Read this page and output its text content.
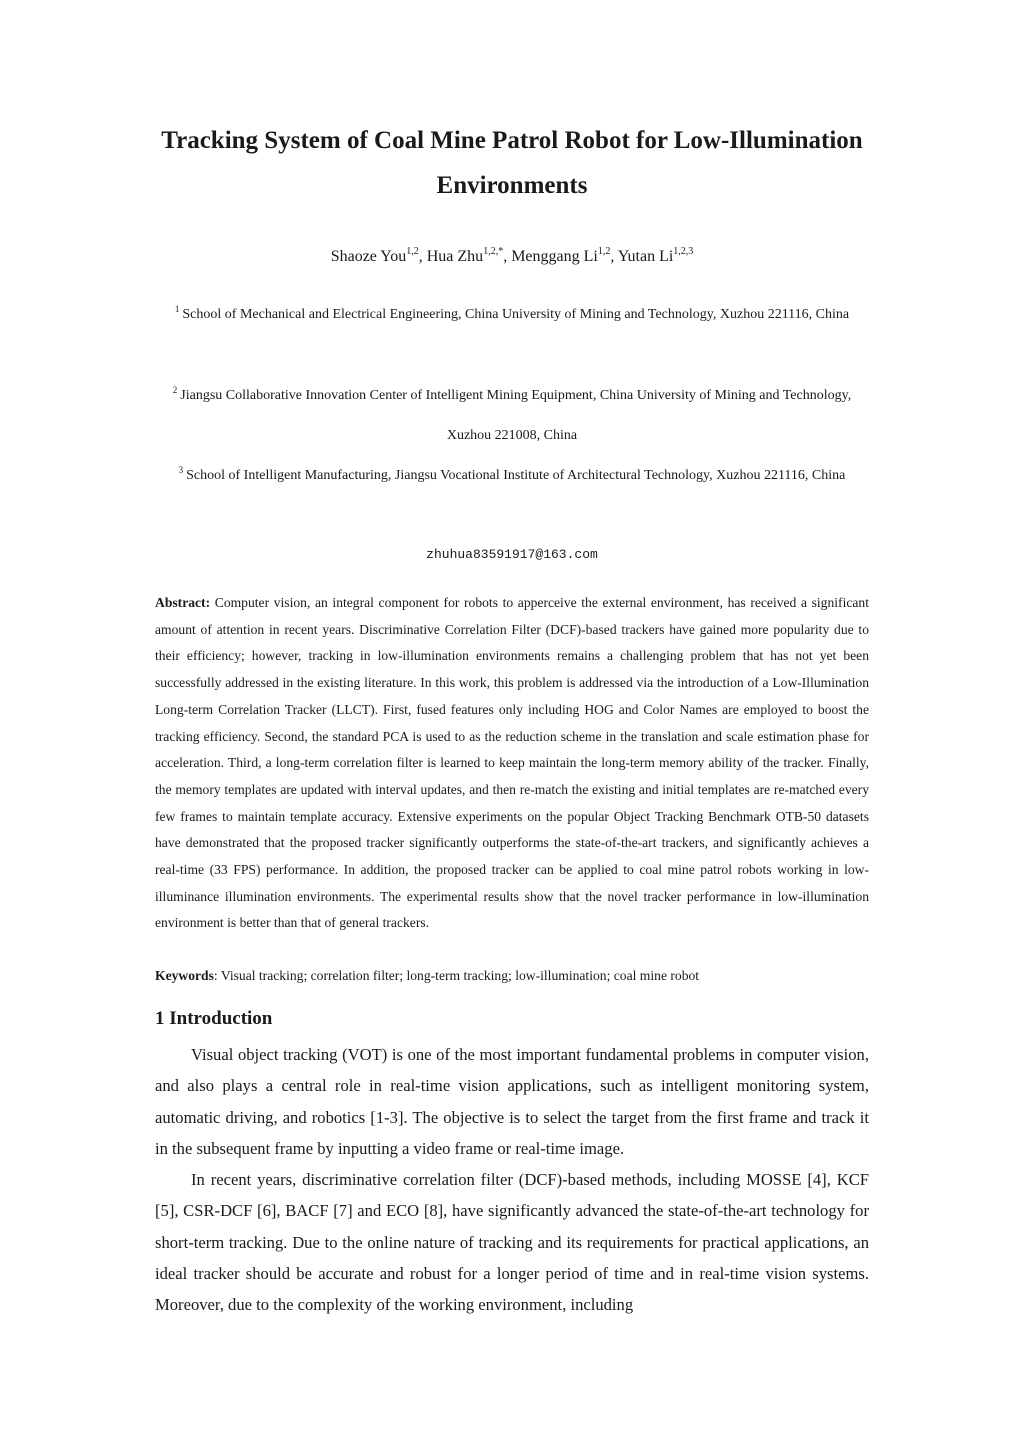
Tracking System of Coal Mine Patrol Robot for Low-Illumination Environments
Shaoze You$^{1,2}$, Hua Zhu$^{1,2,*}$, Menggang Li$^{1,2}$, Yutan Li$^{1,2,3}$
$^1$ School of Mechanical and Electrical Engineering, China University of Mining and Technology, Xuzhou 221116, China
$^2$ Jiangsu Collaborative Innovation Center of Intelligent Mining Equipment, China University of Mining and Technology, Xuzhou 221008, China
$^3$ School of Intelligent Manufacturing, Jiangsu Vocational Institute of Architectural Technology, Xuzhou 221116, China
zhuhua83591917@163.com

Abstract: Computer vision, an integral component for robots to apperceive the external environment, has received a significant amount of attention in recent years. Discriminative Correlation Filter (DCF)-based trackers have gained more popularity due to their efficiency; however, tracking in low-illumination environments remains a challenging problem that has not yet been successfully addressed in the existing literature. In this work, this problem is addressed via the introduction of a Low-Illumination Long-term Correlation Tracker (LLCT). First, fused features only including HOG and Color Names are employed to boost the tracking efficiency. Second, the standard PCA is used to as the reduction scheme in the translation and scale estimation phase for acceleration. Third, a long-term correlation filter is learned to keep maintain the long-term memory ability of the tracker. Finally, the memory templates are updated with interval updates, and then re-match the existing and initial templates are re-matched every few frames to maintain template accuracy. Extensive experiments on the popular Object Tracking Benchmark OTB-50 datasets have demonstrated that the proposed tracker significantly outperforms the state-of-the-art trackers, and significantly achieves a real-time (33 FPS) performance. In addition, the proposed tracker can be applied to coal mine patrol robots working in low-illuminance illumination environments. The experimental results show that the novel tracker performance in low-illumination environment is better than that of general trackers.

Keywords: Visual tracking; correlation filter; long-term tracking; low-illumination; coal mine robot
1 Introduction

Visual object tracking (VOT) is one of the most important fundamental problems in computer vision, and also plays a central role in real-time vision applications, such as intelligent monitoring system, automatic driving, and robotics [1-3]. The objective is to select the target from the first frame and track it in the subsequent frame by inputting a video frame or real-time image.

In recent years, discriminative correlation filter (DCF)-based methods, including MOSSE [4], KCF [5], CSR-DCF [6], BACF [7] and ECO [8], have significantly advanced the state-of-the-art technology for short-term tracking. Due to the online nature of tracking and its requirements for practical applications, an ideal tracker should be accurate and robust for a longer period of time and in real-time vision systems. Moreover, due to the complexity of the working environment, including
